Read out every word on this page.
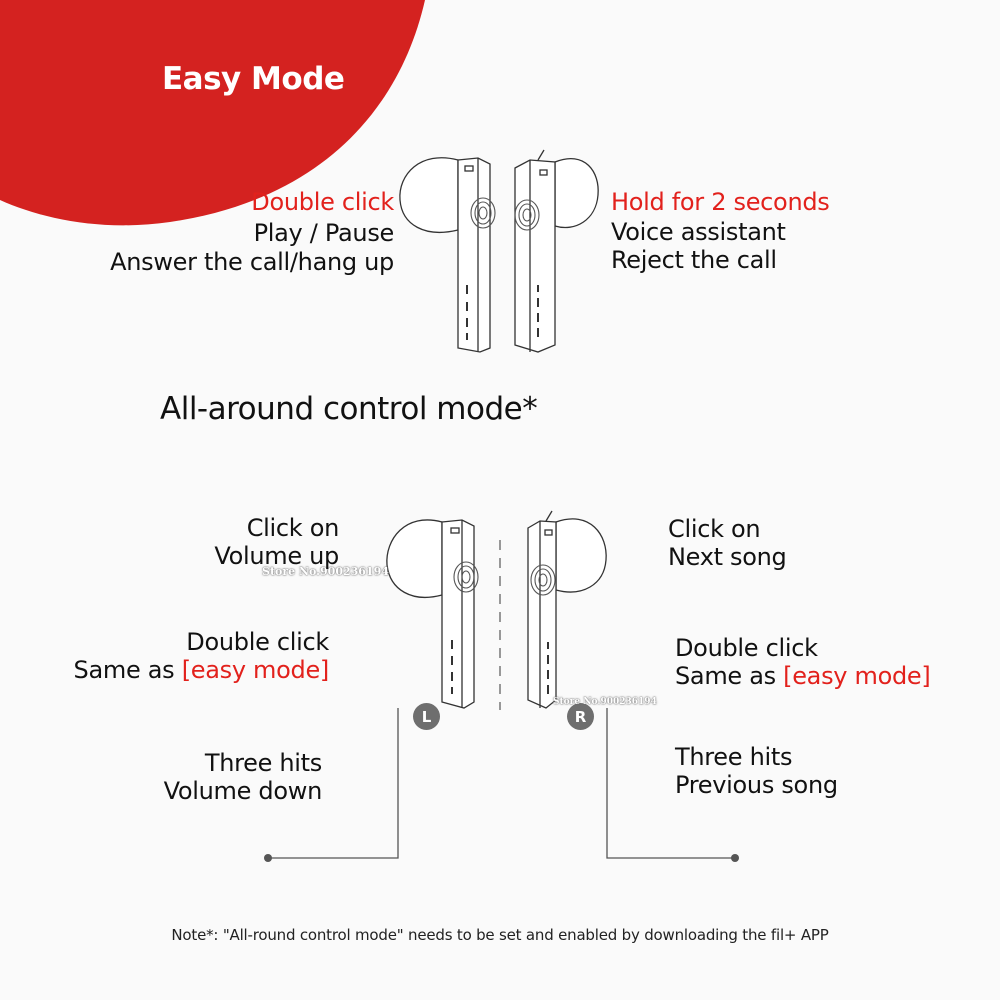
Easy Mode
Double click
Play / Pause
Answer the call/hang up
Hold for 2 seconds
Voice assistant
Reject the call
All-around control mode*
L	R
Store No.900236194
Store No.900236194
Click on
Volume up
Double click
Same as [easy mode]
Three hits
Volume down
Click on
Next song
Double click
Same as [easy mode]
Three hits
Previous song
Note*: "All-round control mode" needs to be set and enabled by downloading the fil+ APP
